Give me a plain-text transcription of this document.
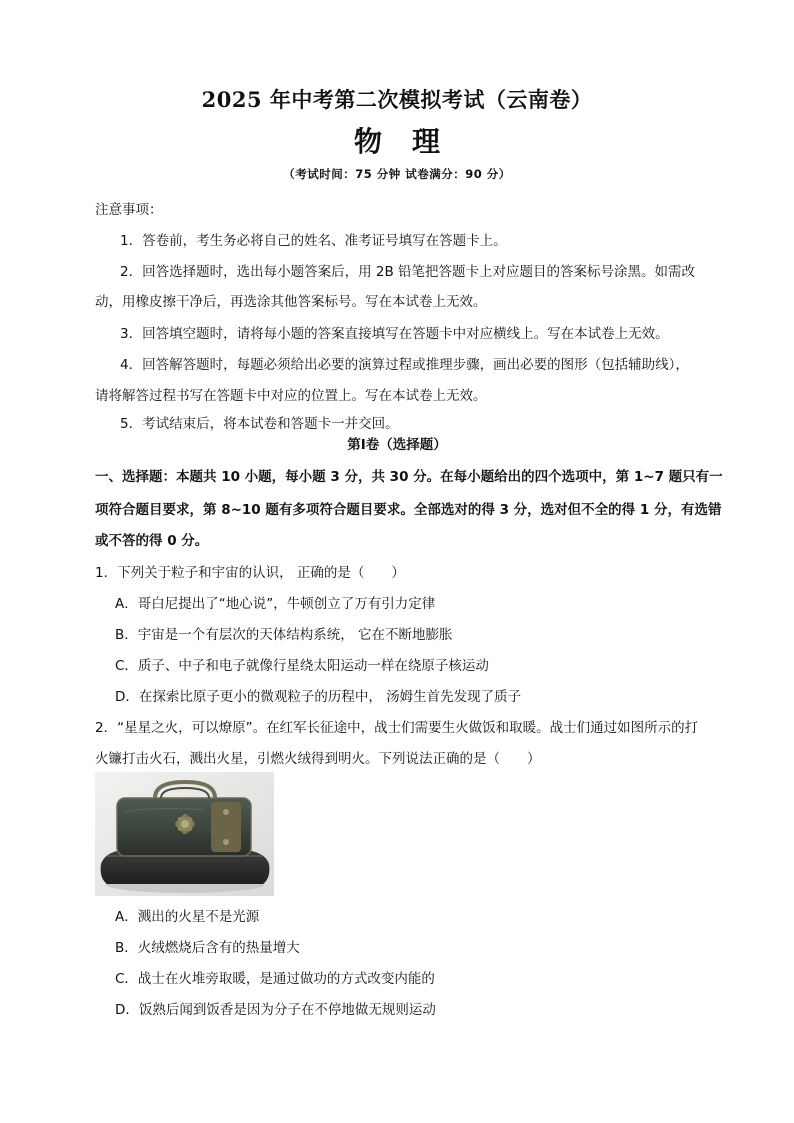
2025 年中考第二次模拟考试（云南卷）
物理
（考试时间：75 分钟 试卷满分：90 分）
注意事项：
1．答卷前，考生务必将自己的姓名、准考证号填写在答题卡上。
2．回答选择题时，选出每小题答案后，用 2B 铅笔把答题卡上对应题目的答案标号涂黑。如需改
动，用橡皮擦干净后，再选涂其他答案标号。写在本试卷上无效。
3．回答填空题时，请将每小题的答案直接填写在答题卡中对应横线上。写在本试卷上无效。
4．回答解答题时，每题必须给出必要的演算过程或推理步骤，画出必要的图形（包括辅助线），
请将解答过程书写在答题卡中对应的位置上。写在本试卷上无效。
5．考试结束后，将本试卷和答题卡一并交回。
第Ⅰ卷（选择题）
一、选择题：本题共 10 小题，每小题 3 分，共 30 分。在每小题给出的四个选项中，第 1~7 题只有一
项符合题目要求，第 8~10 题有多项符合题目要求。全部选对的得 3 分，选对但不全的得 1 分，有选错
或不答的得 0 分。
1．下列关于粒子和宇宙的认识， 正确的是（　　）
A．哥白尼提出了“地心说”，牛顿创立了万有引力定律
B．宇宙是一个有层次的天体结构系统， 它在不断地膨胀
C．质子、中子和电子就像行星绕太阳运动一样在绕原子核运动
D．在探索比原子更小的微观粒子的历程中， 汤姆生首先发现了质子
2．“星星之火，可以燎原”。在红军长征途中，战士们需要生火做饭和取暖。战士们通过如图所示的打
火镰打击火石，溅出火星，引燃火绒得到明火。下列说法正确的是（　　）
A．溅出的火星不是光源
B．火绒燃烧后含有的热量增大
C．战士在火堆旁取暖，是通过做功的方式改变内能的
D．饭熟后闻到饭香是因为分子在不停地做无规则运动
